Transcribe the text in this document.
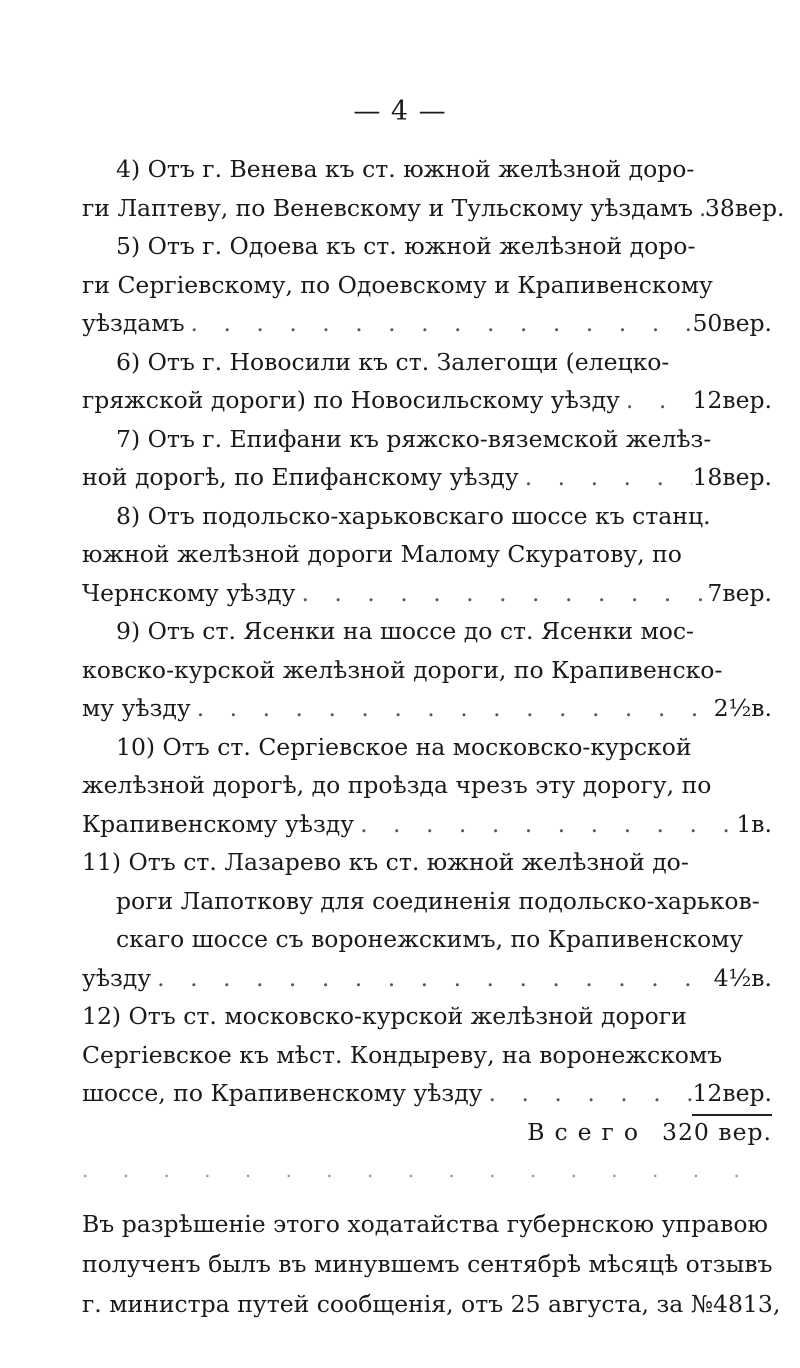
— 4 —
4) Отъ г. Венева къ ст. южной желѣзной доро-
ги Лаптеву, по Веневскому и Тульскому уѣздамъ . . . 38вер.
5) Отъ г. Одоева къ ст. южной желѣзной доро-
ги Сергіевскому, по Одоевскому и Крапивенскому
уѣздамъ . . .	50вер.
6) Отъ г. Новосили къ ст. Залегощи (елецко-
гряжской дороги) по Новосильскому уѣзду . . .	12вер.
7) Отъ г. Епифани къ ряжско-вяземской желѣз-
ной дорогѣ, по Епифанскому уѣзду . . .	18вер.
8) Отъ подольско-харьковскаго шоссе къ станц.
южной желѣзной дороги Малому Скуратову, по
Чернскому уѣзду . . .	7вер.
9) Отъ ст. Ясенки на шоссе до ст. Ясенки мос-
ковско-курской желѣзной дороги, по Крапивенско-
му уѣзду . . .	2½в.
10) Отъ ст. Сергіевское на московско-курской
желѣзной дорогѣ, до проѣзда чрезъ эту дорогу, по
Крапивенскому уѣзду . . .	1в.
11) Отъ ст. Лазарево къ ст. южной желѣзной до-
роги Лапоткову для соединенія подольско-харьков-
скаго шоссе съ воронежскимъ, по Крапивенскому
уѣзду . . .	4½в.
12) Отъ ст. московско-курской желѣзной дороги
Сергіевское къ мѣст. Кондыреву, на воронежскомъ
шоссе, по Крапивенскому уѣзду . . .	12вер.
Всего 320 вер.
. . . . . . . . . . . . . . . . .
Въ разрѣшеніе этого ходатайства губернскою управою
полученъ былъ въ минувшемъ сентябрѣ мѣсяцѣ отзывъ
г. министра путей сообщенія, отъ 25 августа, за №4813,
